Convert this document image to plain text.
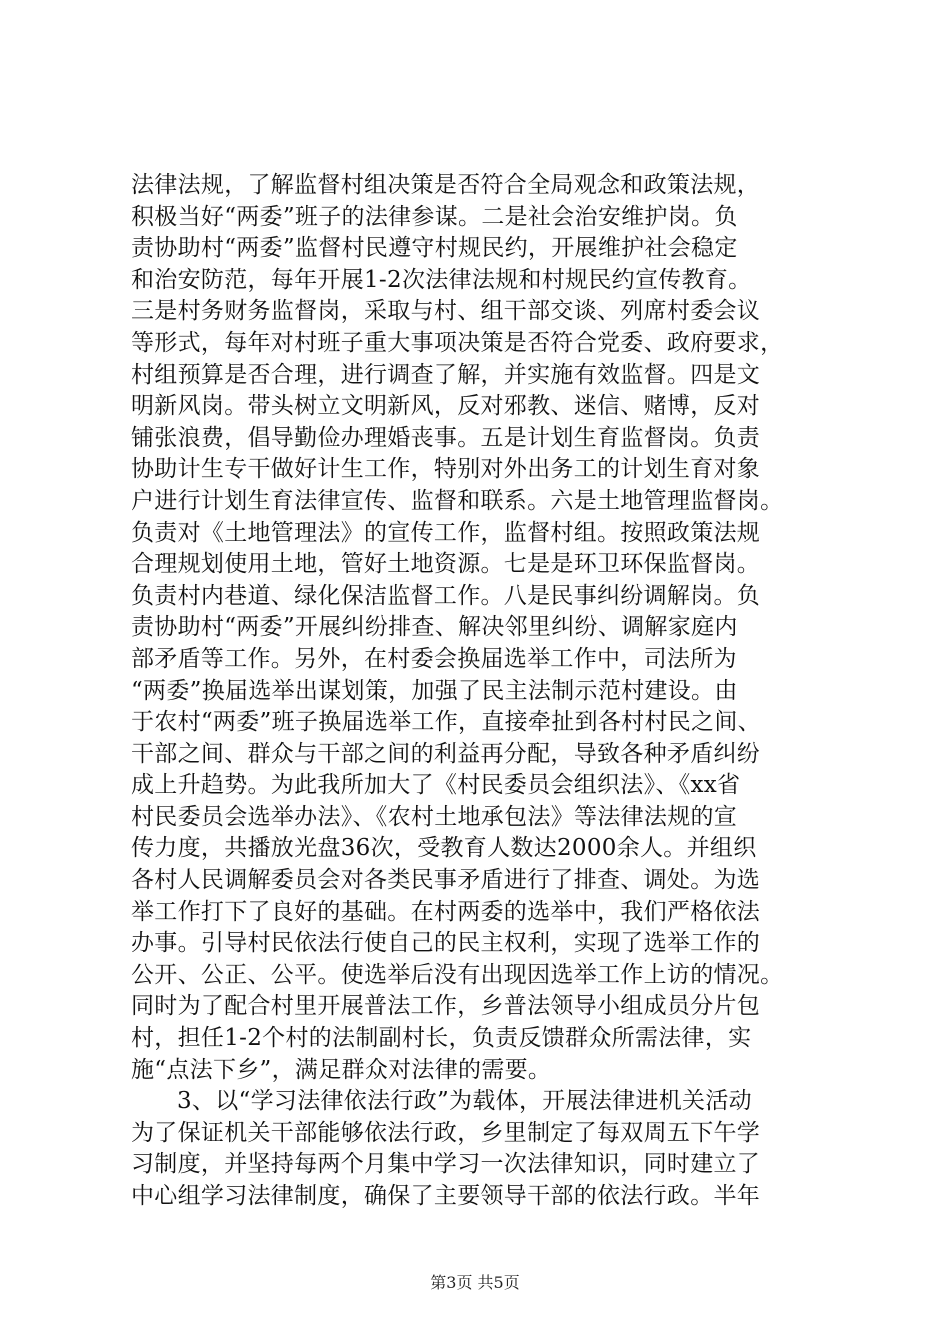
法律法规，了解监督村组决策是否符合全局观念和政策法规，
积极当好“两委”班子的法律参谋。二是社会治安维护岗。负
责协助村“两委”监督村民遵守村规民约，开展维护社会稳定
和治安防范，每年开展1-2次法律法规和村规民约宣传教育。
三是村务财务监督岗，采取与村、组干部交谈、列席村委会议
等形式，每年对村班子重大事项决策是否符合党委、政府要求，
村组预算是否合理，进行调查了解，并实施有效监督。四是文
明新风岗。带头树立文明新风，反对邪教、迷信、赌博，反对
铺张浪费，倡导勤俭办理婚丧事。五是计划生育监督岗。负责
协助计生专干做好计生工作，特别对外出务工的计划生育对象
户进行计划生育法律宣传、监督和联系。六是土地管理监督岗。
负责对《土地管理法》的宣传工作，监督村组。按照政策法规
合理规划使用土地，管好土地资源。七是是环卫环保监督岗。
负责村内巷道、绿化保洁监督工作。八是民事纠纷调解岗。负
责协助村“两委”开展纠纷排查、解决邻里纠纷、调解家庭内
部矛盾等工作。另外，在村委会换届选举工作中，司法所为
“两委”换届选举出谋划策，加强了民主法制示范村建设。由
于农村“两委”班子换届选举工作，直接牵扯到各村村民之间、
干部之间、群众与干部之间的利益再分配，导致各种矛盾纠纷
成上升趋势。为此我所加大了《村民委员会组织法》、《xx省
村民委员会选举办法》、《农村土地承包法》等法律法规的宣
传力度，共播放光盘36次，受教育人数达2000余人。并组织
各村人民调解委员会对各类民事矛盾进行了排查、调处。为选
举工作打下了良好的基础。在村两委的选举中，我们严格依法
办事。引导村民依法行使自己的民主权利，实现了选举工作的
公开、公正、公平。使选举后没有出现因选举工作上访的情况。
同时为了配合村里开展普法工作，乡普法领导小组成员分片包
村，担任1-2个村的法制副村长，负责反馈群众所需法律，实
施“点法下乡”，满足群众对法律的需要。
3、以“学习法律依法行政”为载体，开展法律进机关活动
为了保证机关干部能够依法行政，乡里制定了每双周五下午学
习制度，并坚持每两个月集中学习一次法律知识，同时建立了
中心组学习法律制度，确保了主要领导干部的依法行政。半年
第3页 共5页
